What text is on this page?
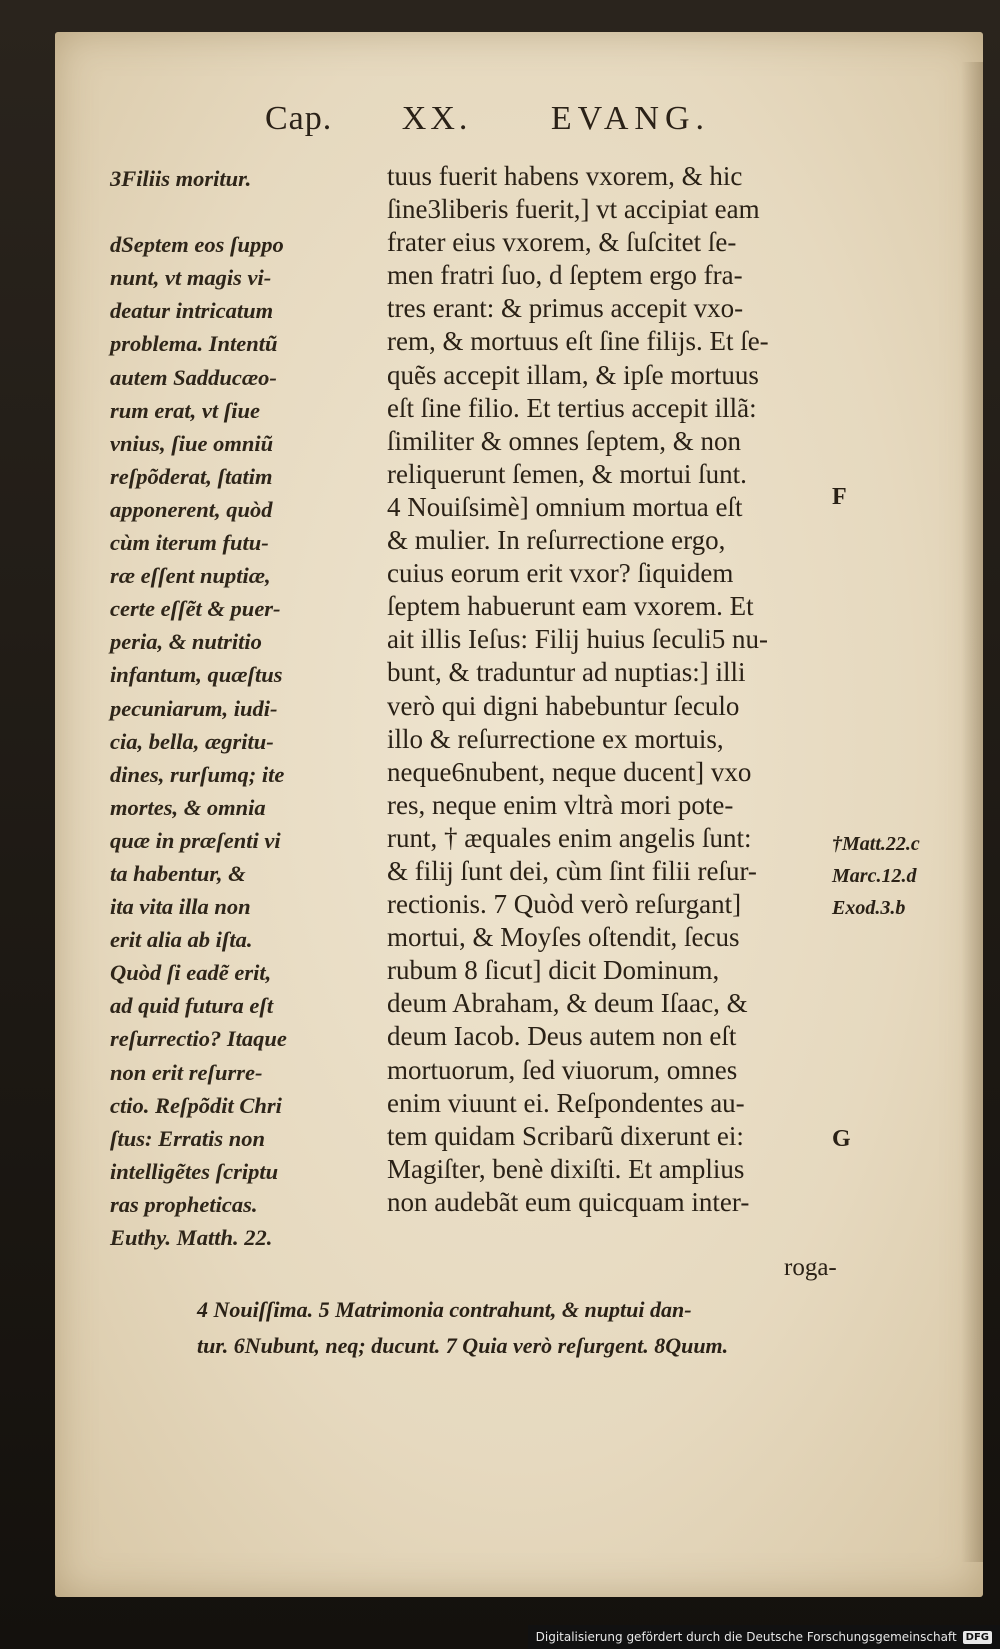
Cap. XX. EVANG.
3Filiis moritur.
dSeptem eos ſuppo
nunt, vt magis vi-
deatur intricatum
problema. Intentũ
autem Sadducæo-
rum erat, vt ſiue
vnius, ſiue omniũ
reſpõderat, ſtatim
apponerent, quòd
cùm iterum futu-
ræ eſſent nuptiæ,
certe eſſẽt & puer-
peria, & nutritio
infantum, quæſtus
pecuniarum, iudi-
cia, bella, ægritu-
dines, rurſumq; ite
mortes, & omnia
quæ in præſenti vi
ta habentur, &
ita vita illa non
erit alia ab iſta.
Quòd ſi eadẽ erit,
ad quid futura eſt
reſurrectio? Itaque
non erit reſurre-
ctio. Reſpõdit Chri
ſtus: Erratis non
intelligẽtes ſcriptu
ras propheticas.
Euthy. Matth. 22.
tuus fuerit habens vxorem, & hic
ſine3liberis fuerit,] vt accipiat eam
frater eius vxorem, & ſuſcitet ſe-
men fratri ſuo, d ſeptem ergo fra-
tres erant: & primus accepit vxo-
rem, & mortuus eſt ſine filijs. Et ſe-
quẽs accepit illam, & ipſe mortuus
eſt ſine filio. Et tertius accepit illã:
ſimiliter & omnes ſeptem, & non
reliquerunt ſemen, & mortui ſunt.
4 Nouiſsimè] omnium mortua eſt
& mulier. In reſurrectione ergo,
cuius eorum erit vxor? ſiquidem
ſeptem habuerunt eam vxorem. Et
ait illis Ieſus: Filij huius ſeculi5 nu-
bunt, & traduntur ad nuptias:] illi
verò qui digni habebuntur ſeculo
illo & reſurrectione ex mortuis,
neque6nubent, neque ducent] vxo
res, neque enim vltrà mori pote-
runt, † æquales enim angelis ſunt:
& filij ſunt dei, cùm ſint filii reſur-
rectionis. 7 Quòd verò reſurgant]
mortui, & Moyſes oſtendit, ſecus
rubum 8 ſicut] dicit Dominum,
deum Abraham, & deum Iſaac, &
deum Iacob. Deus autem non eſt
mortuorum, ſed viuorum, omnes
enim viuunt ei. Reſpondentes au-
tem quidam Scribarũ dixerunt ei:
Magiſter, benè dixiſti. Et amplius
non audebãt eum quicquam inter-
F
†Matt.22.c
Marc.12.d
Exod.3.b
G
roga-
4 Nouiſſima. 5 Matrimonia contrahunt, & nuptui dan-
tur. 6Nubunt, neq; ducunt. 7 Quia verò reſurgent. 8Quum.
Digitalisierung gefördert durch die Deutsche Forschungsgemeinschaft DFG
